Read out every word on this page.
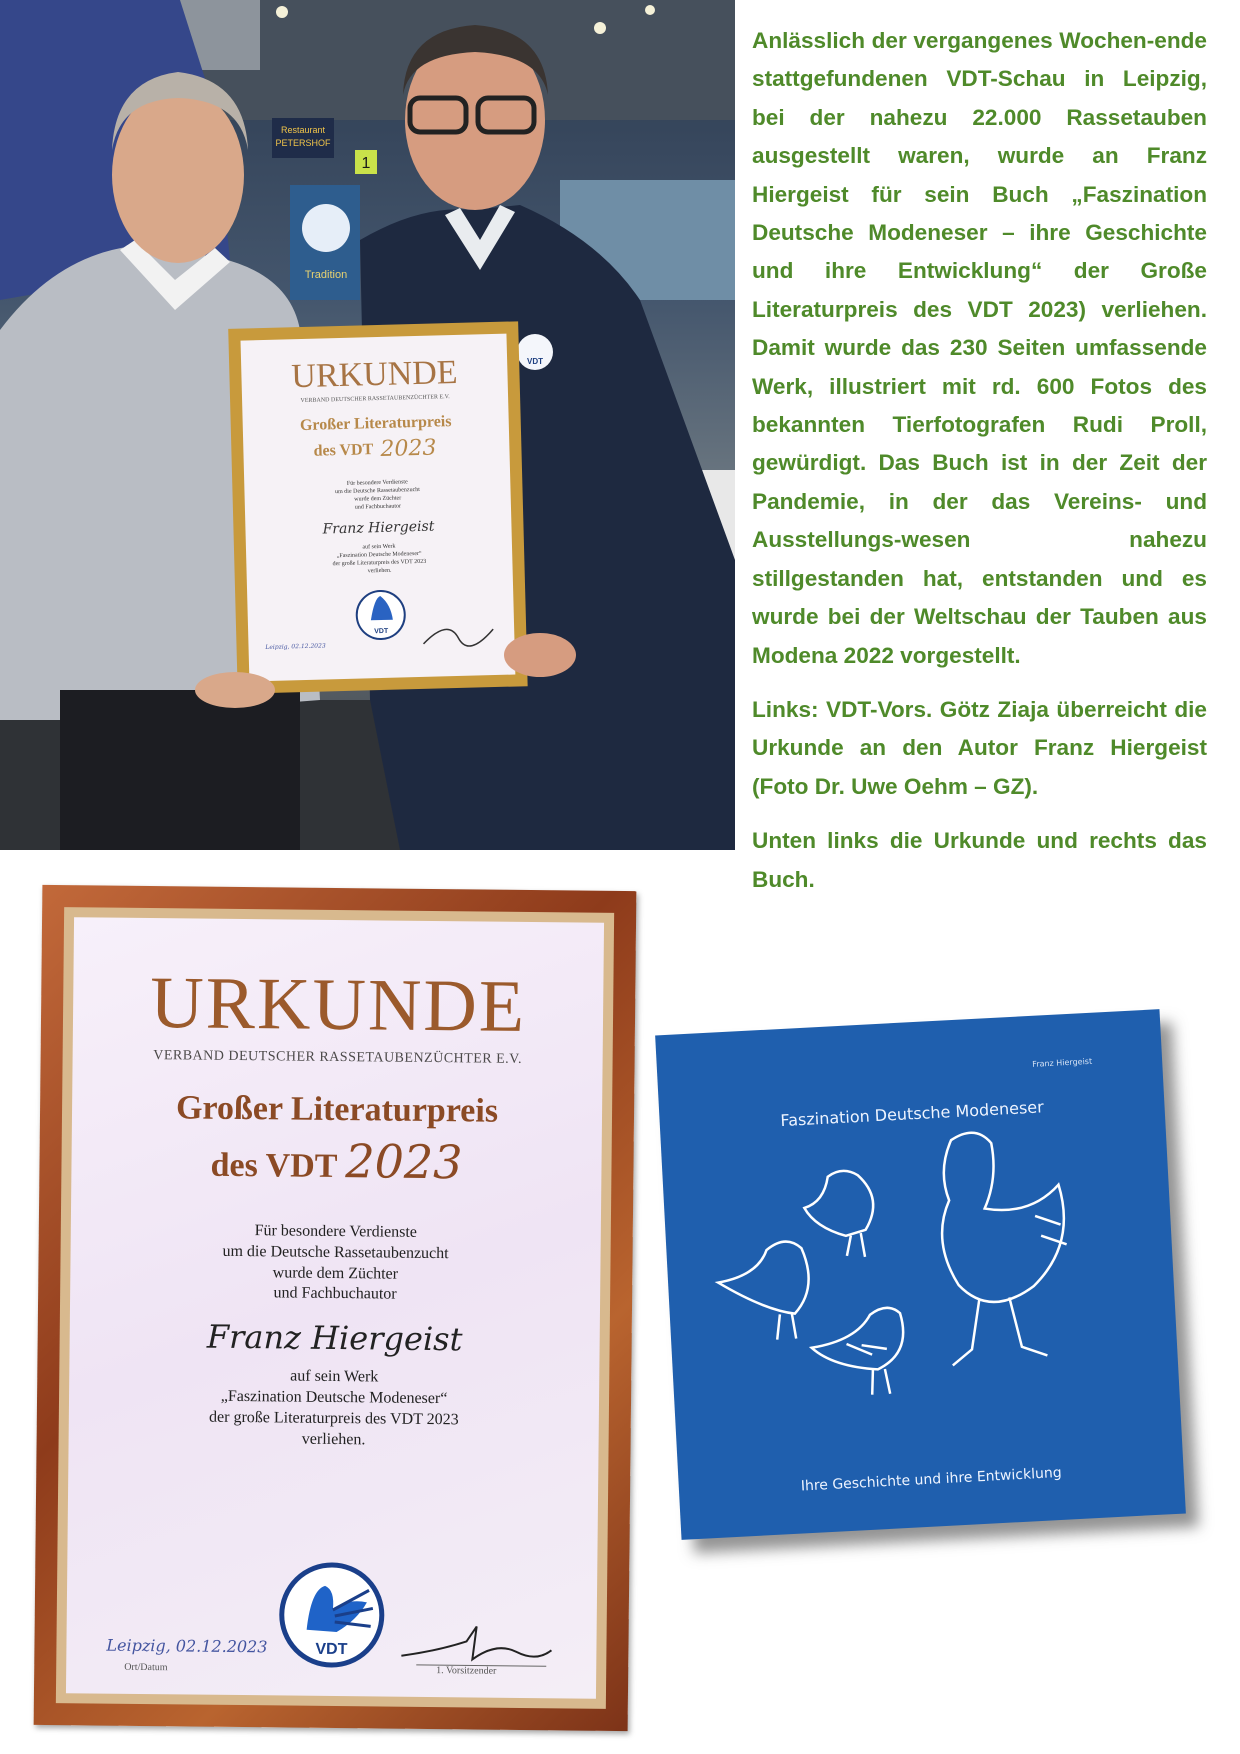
Restaurant
PETERSHOF
1
Tradition
VDT
URKUNDE
VERBAND DEUTSCHER RASSETAUBENZÜCHTER E.V.
Großer Literaturpreis
des VDT 2023
Für besondere Verdienste
um die Deutsche Rassetaubenzucht
wurde dem Züchter
und Fachbuchautor
Franz Hiergeist
auf sein Werk
„Faszination Deutsche Modeneser“
der große Literaturpreis des VDT 2023
verliehen.
VDT
Leipzig, 02.12.2023

Anlässlich der vergangenes Wochen-ende stattgefundenen VDT-Schau in Leipzig, bei der nahezu 22.000 Rassetauben ausgestellt waren, wurde an Franz Hiergeist für sein Buch „Faszination Deutsche Modeneser – ihre Geschichte und ihre Entwicklung“ der Große Literaturpreis des VDT 2023) verliehen. Damit wurde das 230 Seiten umfassende Werk, illustriert mit rd. 600 Fotos des bekannten Tierfotografen Rudi Proll, gewürdigt. Das Buch ist in der Zeit der Pandemie, in der das Vereins- und Ausstellungs-wesen nahezu stillgestanden hat, entstanden und es wurde bei der Weltschau der Tauben aus Modena 2022 vorgestellt.

Links: VDT-Vors. Götz Ziaja überreicht die Urkunde an den Autor Franz Hiergeist (Foto Dr. Uwe Oehm – GZ).

Unten links die Urkunde und rechts das Buch.

URKUNDE
VERBAND DEUTSCHER RASSETAUBENZÜCHTER E.V.
Großer Literaturpreis
des VDT 2023
Für besondere Verdienste
um die Deutsche Rassetaubenzucht
wurde dem Züchter
und Fachbuchautor
Franz Hiergeist
auf sein Werk
„Faszination Deutsche Modeneser“
der große Literaturpreis des VDT 2023
verliehen.
VDT
Leipzig, 02.12.2023
Ort/Datum	1. Vorsitzender
Franz Hiergeist
Faszination Deutsche Modeneser
Ihre Geschichte und ihre Entwicklung
